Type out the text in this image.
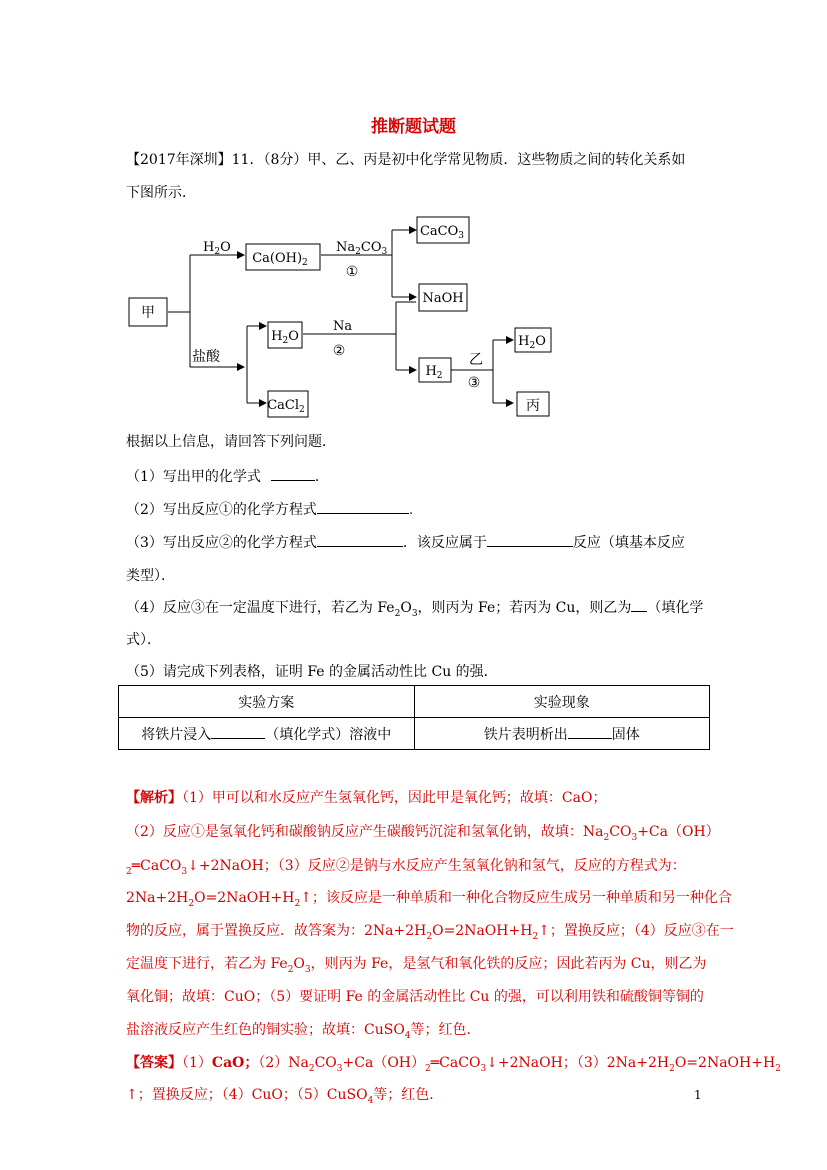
推断题试题
【2017年深圳】11．（8分）甲、乙、丙是初中化学常见物质．这些物质之间的转化关系如
下图所示．
甲
$Ca(OH)_2$
CaCO$_3$
NaOH
$H_2O$
CaCl$_2$
$H_2$
$H_2O$
丙
$H_2O$
盐酸
$Na_2CO_3$
①
Na
②
乙
③
根据以上信息，请回答下列问题．
（1）写出甲的化学式	．
（2）写出反应①的化学方程式	．
（3）写出反应②的化学方程式	．该反应属于	反应（填基本反应
类型）．
（4）反应③在一定温度下进行，若乙为 $Fe_2O_3$，则丙为 Fe；若丙为 Cu，则乙为 （填化学
式）．
（5）请完成下列表格，证明 Fe 的金属活动性比 Cu 的强．
实验方案	实验现象
将铁片浸入 （填化学式）溶液中	铁片表明析出 固体
【解析】（1）甲可以和水反应产生氢氧化钙，因此甲是氧化钙；故填：CaO；
（2）反应①是氢氧化钙和碳酸钠反应产生碳酸钙沉淀和氢氧化钠，故填：$Na_2CO_3+Ca(OH)$
$_2$═CaCO$_3$↓+2NaOH；（3）反应②是钠与水反应产生氢氧化钠和氢气，反应的方程式为：
$2Na+2H_2O=2NaOH+H_2↑$；该反应是一种单质和一种化合物反应生成另一种单质和另一种化合
物的反应，属于置换反应．故答案为：$2Na+2H_2O=2NaOH+H_2↑$；置换反应；（4）反应③在一
定温度下进行，若乙为 $Fe_2O_3$，则丙为 Fe，是氢气和氧化铁的反应；因此若丙为 Cu，则乙为
氧化铜；故填：CuO；（5）要证明 Fe 的金属活动性比 Cu 的强，可以利用铁和硫酸铜等铜的
盐溶液反应产生红色的铜实验；故填：CuSO$_4$等；红色．
【答案】（1）CaO；$(2)Na_2CO_3+Ca(OH)_2═CaCO_3↓+2NaOH$；$(3)2Na+2H_2O=2NaOH+H_2$
↑；置换反应；（4）CuO；（5）CuSO$_4$等；红色．	1
